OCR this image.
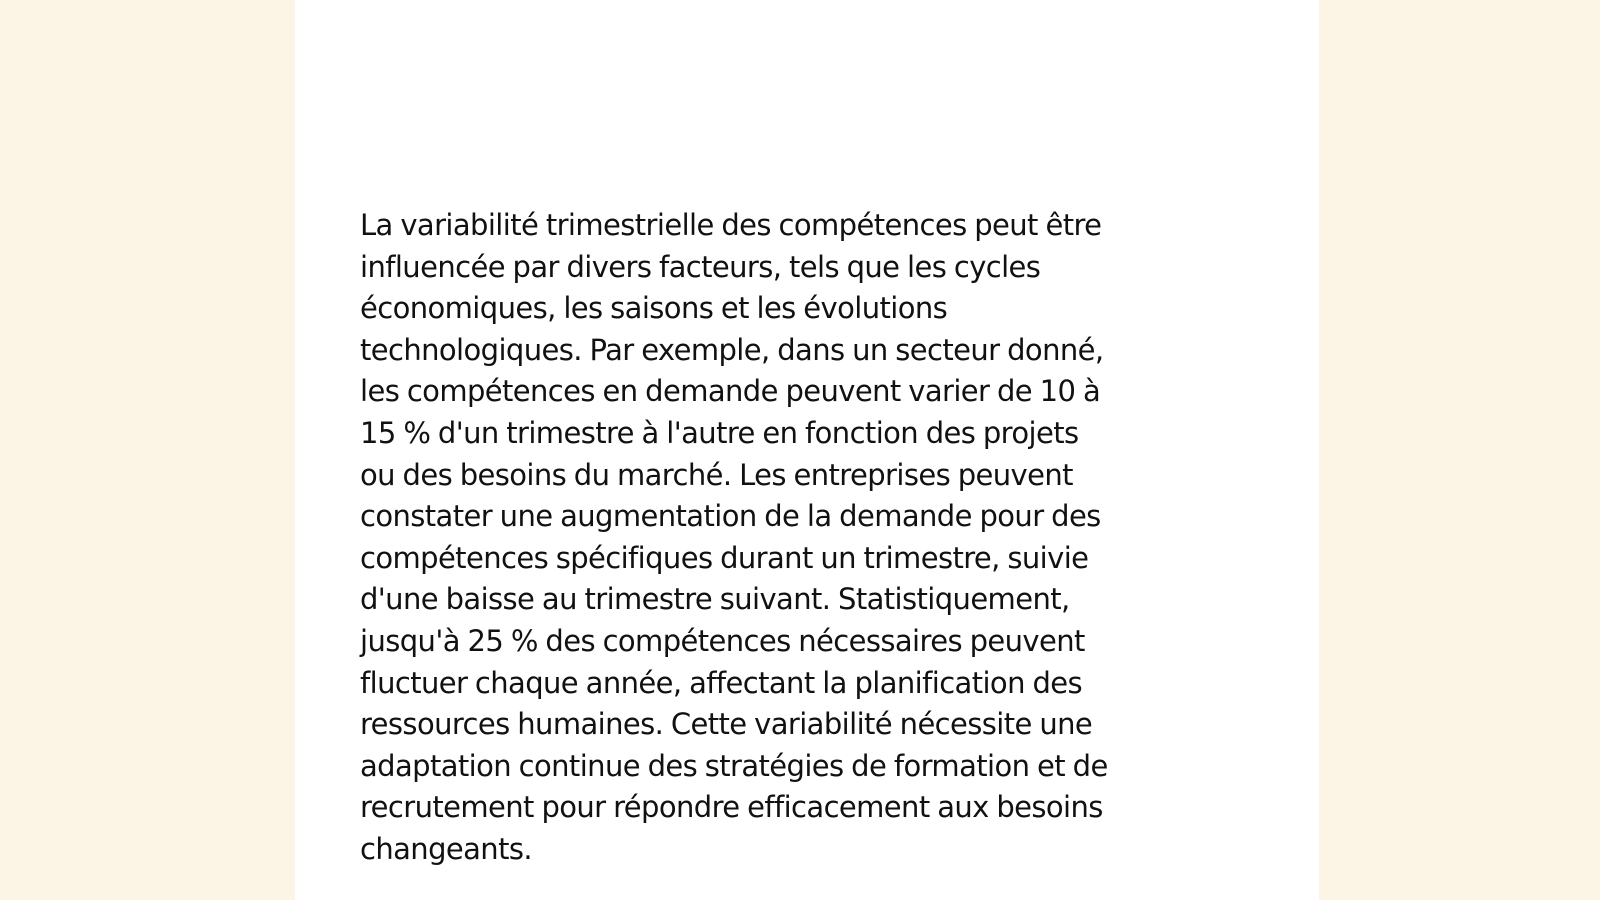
La variabilité trimestrielle des compétences peut être
influencée par divers facteurs, tels que les cycles
économiques, les saisons et les évolutions
technologiques. Par exemple, dans un secteur donné,
les compétences en demande peuvent varier de 10 à
15 % d'un trimestre à l'autre en fonction des projets
ou des besoins du marché. Les entreprises peuvent
constater une augmentation de la demande pour des
compétences spécifiques durant un trimestre, suivie
d'une baisse au trimestre suivant. Statistiquement,
jusqu'à 25 % des compétences nécessaires peuvent
fluctuer chaque année, affectant la planification des
ressources humaines. Cette variabilité nécessite une
adaptation continue des stratégies de formation et de
recrutement pour répondre efficacement aux besoins
changeants.
